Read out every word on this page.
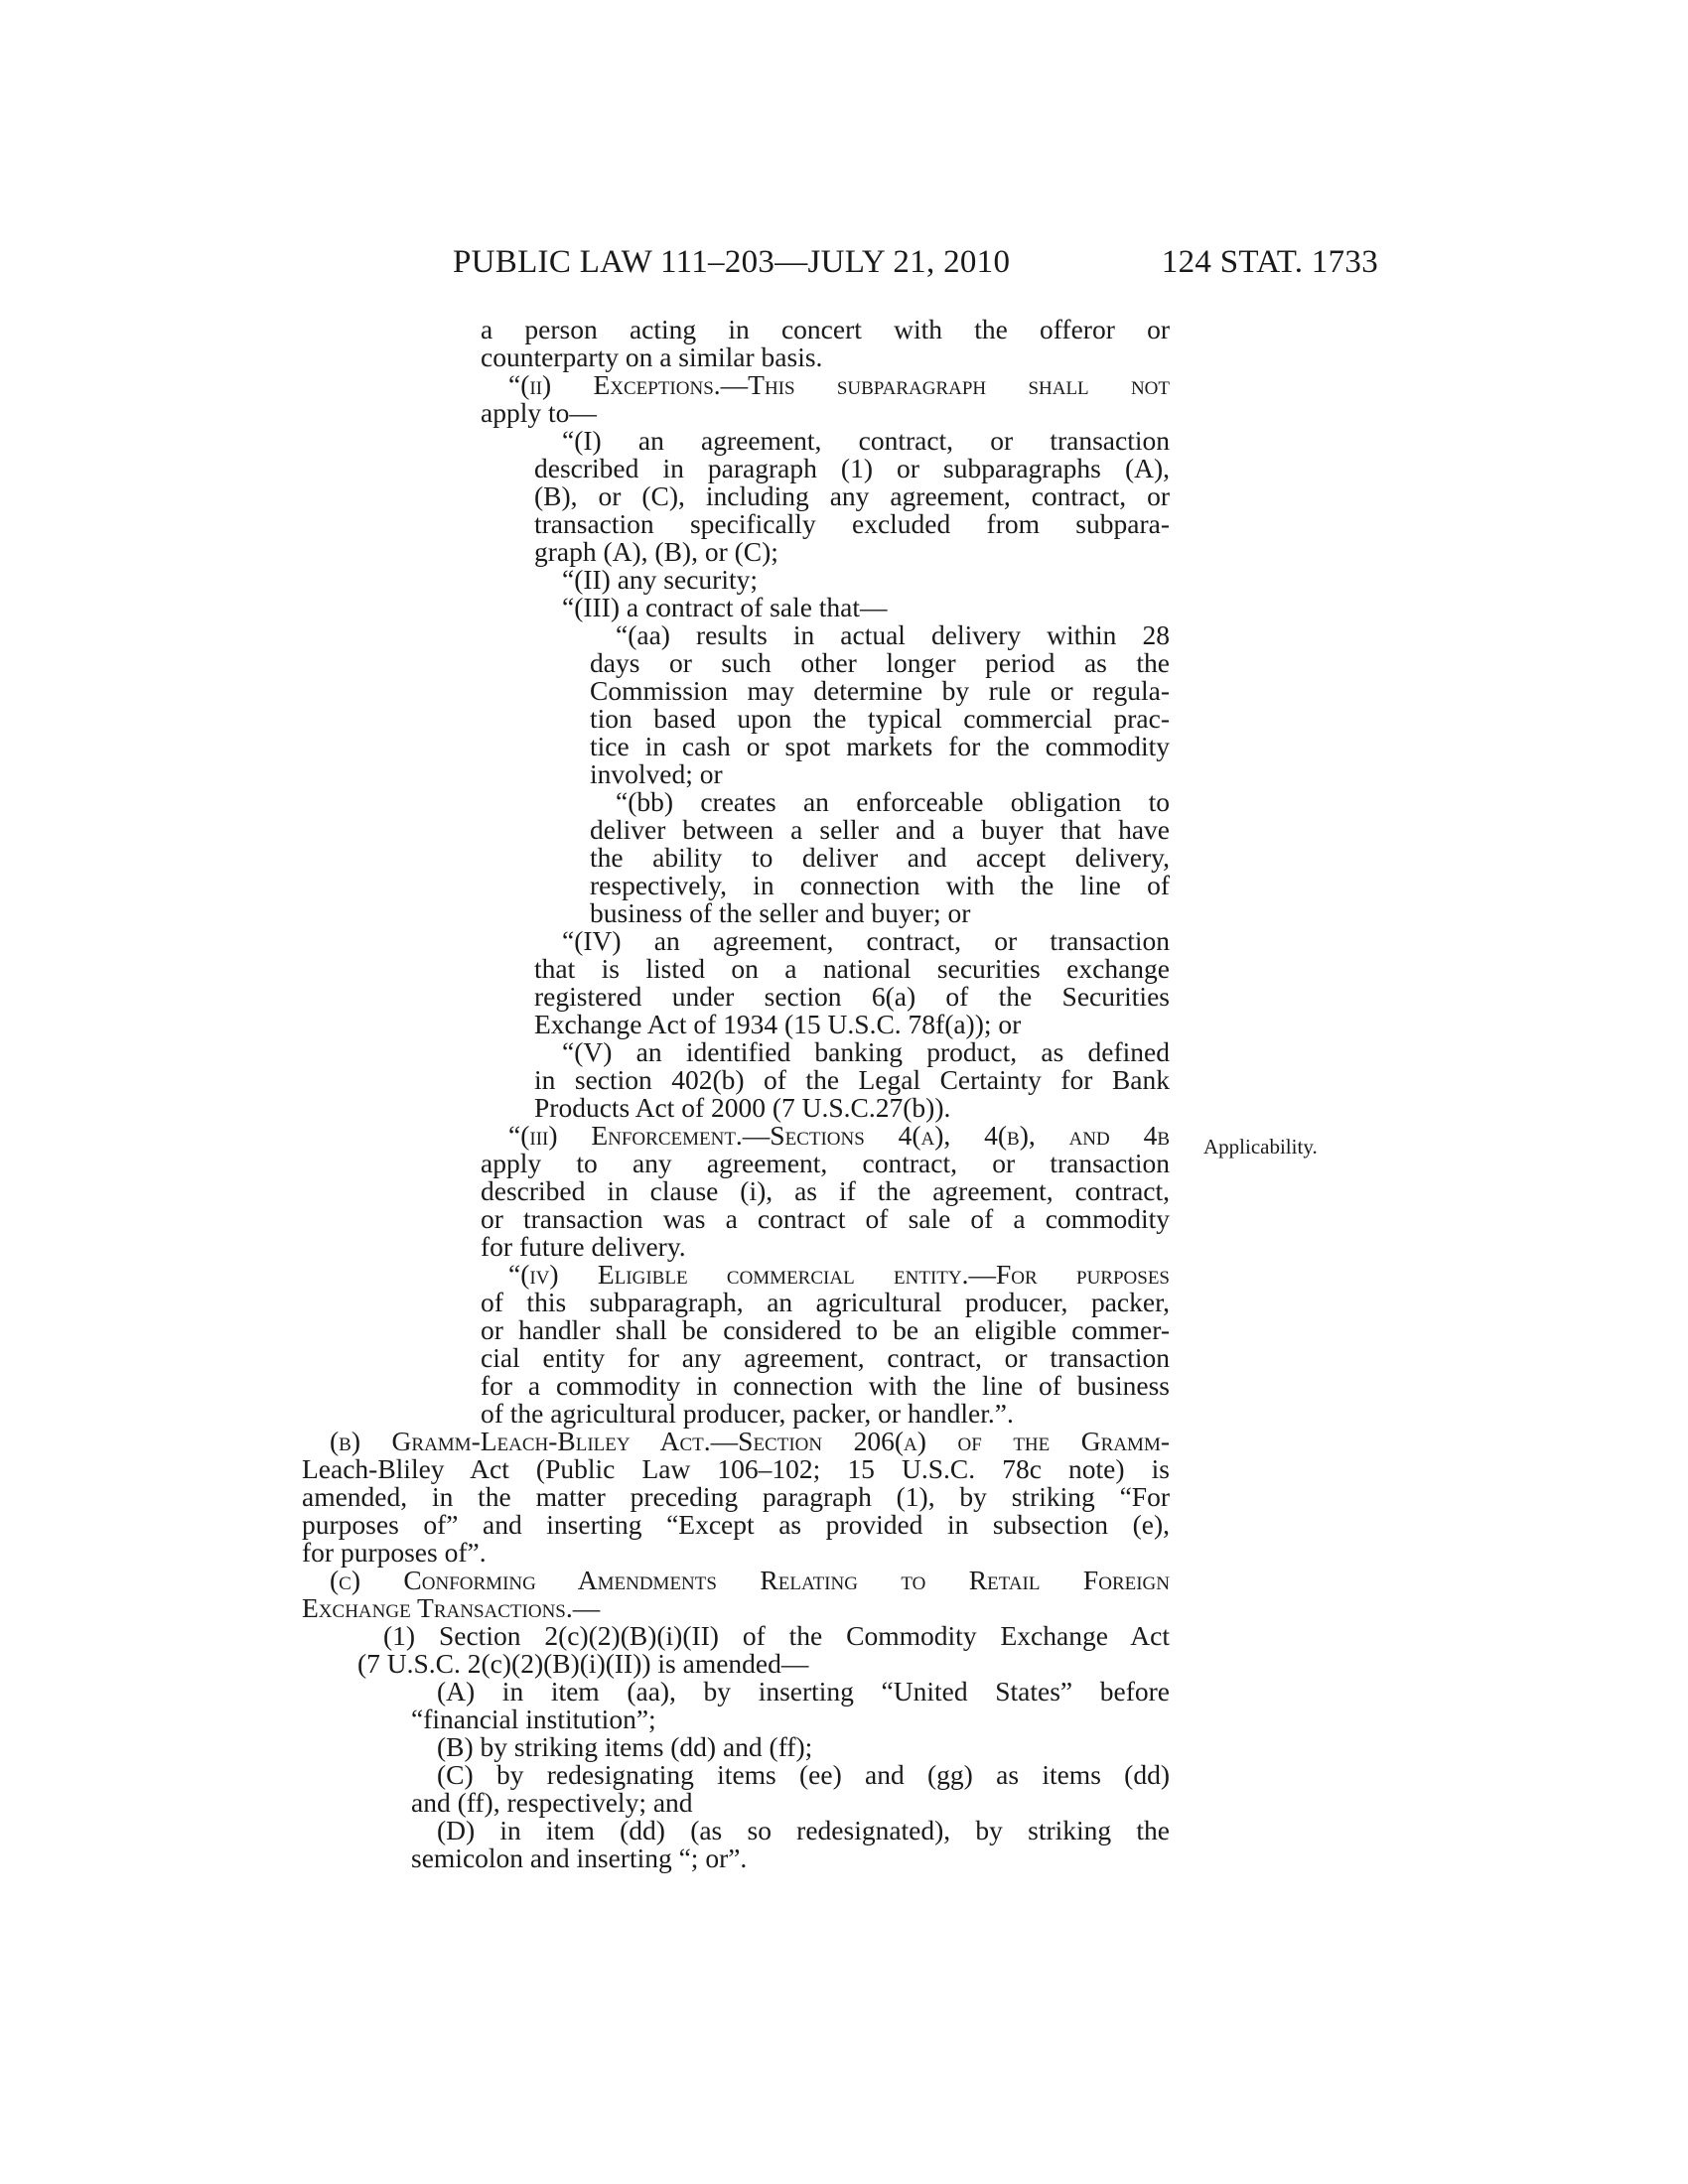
PUBLIC LAW 111–203—JULY 21, 2010	124 STAT. 1733
Applicability.
a person acting in concert with the offeror or
counterparty on a similar basis.
“(ii) Exceptions.—This subparagraph shall not
apply to—
“(I) an agreement, contract, or transaction
described in paragraph (1) or subparagraphs (A),
(B), or (C), including any agreement, contract, or
transaction specifically excluded from subpara-
graph (A), (B), or (C);
“(II) any security;
“(III) a contract of sale that—
“(aa) results in actual delivery within 28
days or such other longer period as the
Commission may determine by rule or regula-
tion based upon the typical commercial prac-
tice in cash or spot markets for the commodity
involved; or
“(bb) creates an enforceable obligation to
deliver between a seller and a buyer that have
the ability to deliver and accept delivery,
respectively, in connection with the line of
business of the seller and buyer; or
“(IV) an agreement, contract, or transaction
that is listed on a national securities exchange
registered under section 6(a) of the Securities
Exchange Act of 1934 (15 U.S.C. 78f(a)); or
“(V) an identified banking product, as defined
in section 402(b) of the Legal Certainty for Bank
Products Act of 2000 (7 U.S.C.27(b)).
“(iii) Enforcement.—Sections 4(a), 4(b), and 4b
apply to any agreement, contract, or transaction
described in clause (i), as if the agreement, contract,
or transaction was a contract of sale of a commodity
for future delivery.
“(iv) Eligible commercial entity.—For purposes
of this subparagraph, an agricultural producer, packer,
or handler shall be considered to be an eligible commer-
cial entity for any agreement, contract, or transaction
for a commodity in connection with the line of business
of the agricultural producer, packer, or handler.”.
(b) Gramm-Leach-Bliley Act.—Section 206(a) of the Gramm-
Leach-Bliley Act (Public Law 106–102; 15 U.S.C. 78c note) is
amended, in the matter preceding paragraph (1), by striking “For
purposes of” and inserting “Except as provided in subsection (e),
for purposes of”.
(c) Conforming Amendments Relating to Retail Foreign
Exchange Transactions.—
(1) Section 2(c)(2)(B)(i)(II) of the Commodity Exchange Act
(7 U.S.C. 2(c)(2)(B)(i)(II)) is amended—
(A) in item (aa), by inserting “United States” before
“financial institution”;
(B) by striking items (dd) and (ff);
(C) by redesignating items (ee) and (gg) as items (dd)
and (ff), respectively; and
(D) in item (dd) (as so redesignated), by striking the
semicolon and inserting “; or”.
